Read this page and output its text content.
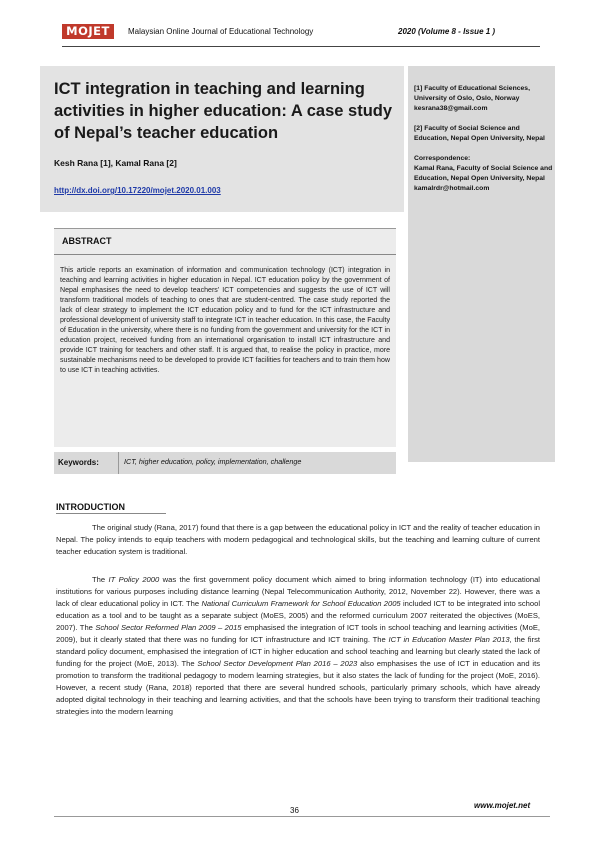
MOJET	Malaysian Online Journal of Educational Technology	2020 (Volume 8 - Issue 1 )
ICT integration in teaching and learning activities in higher education: A case study of Nepal’s teacher education
Kesh Rana [1], Kamal Rana [2]
http://dx.doi.org/10.17220/mojet.2020.01.003
[1] Faculty of Educational Sciences, University of Oslo, Oslo, Norway kesrana38@gmail.com
[2] Faculty of Social Science and Education, Nepal Open University, Nepal
Correspondence:
Kamal Rana, Faculty of Social Science and Education, Nepal Open University, Nepal kamalrdr@hotmail.com
ABSTRACT
This article reports an examination of information and communication technology (ICT) integration in teaching and learning activities in higher education in Nepal. ICT education policy by the government of Nepal emphasises the need to develop teachers’ ICT competencies and suggests the use of ICT will transform traditional models of teaching to ones that are student-centred. The case study reported the lack of clear strategy to implement the ICT education policy and to fund for the ICT infrastructure and professional development of university staff to integrate ICT in teacher education. In this case, the Faculty of Education in the university, where there is no funding from the government and university for the ICT in education project, received funding from an international organisation to install ICT infrastructure and provide ICT training for teachers and other staff. It is argued that, to realise the policy in practice, more sustainable mechanisms need to be developed to provide ICT facilities for teachers and to train them how to use ICT in teaching activities.
Keywords:	ICT, higher education, policy, implementation, challenge
INTRODUCTION

The original study (Rana, 2017) found that there is a gap between the educational policy in ICT and the reality of teacher education in Nepal. The policy intends to equip teachers with modern pedagogical and technological skills, but the teaching and learning culture of current teacher education system is traditional.

The IT Policy 2000 was the first government policy document which aimed to bring information technology (IT) into educational institutions for various purposes including distance learning (Nepal Telecommunication Authority, 2012, November 22). However, there was a lack of clear educational policy in ICT. The National Curriculum Framework for School Education 2005 included ICT to be integrated into school education as a tool and to be taught as a separate subject (MoES, 2005) and the reformed curriculum 2007 reiterated the objectives (MoES, 2007). The School Sector Reformed Plan 2009 – 2015 emphasised the integration of ICT tools in school teaching and learning activities (MoE, 2009), but it clearly stated that there was no funding for ICT infrastructure and ICT training. The ICT in Education Master Plan 2013, the first standard policy document, emphasised the integration of ICT in higher education and school teaching and learning but clearly stated the lack of funding for the project (MoE, 2013). The School Sector Development Plan 2016 – 2023 also emphasises the use of ICT in education and its promotion to transform the traditional pedagogy to modern learning strategies, but it also states the lack of funding for the project (MoE, 2016). However, a recent study (Rana, 2018) reported that there are several hundred schools, particularly primary schools, which have already adopted digital technology in their teaching and learning activities, and that the schools have been trying to transform their traditional teaching strategies into the modern learning

36
www.mojet.net
